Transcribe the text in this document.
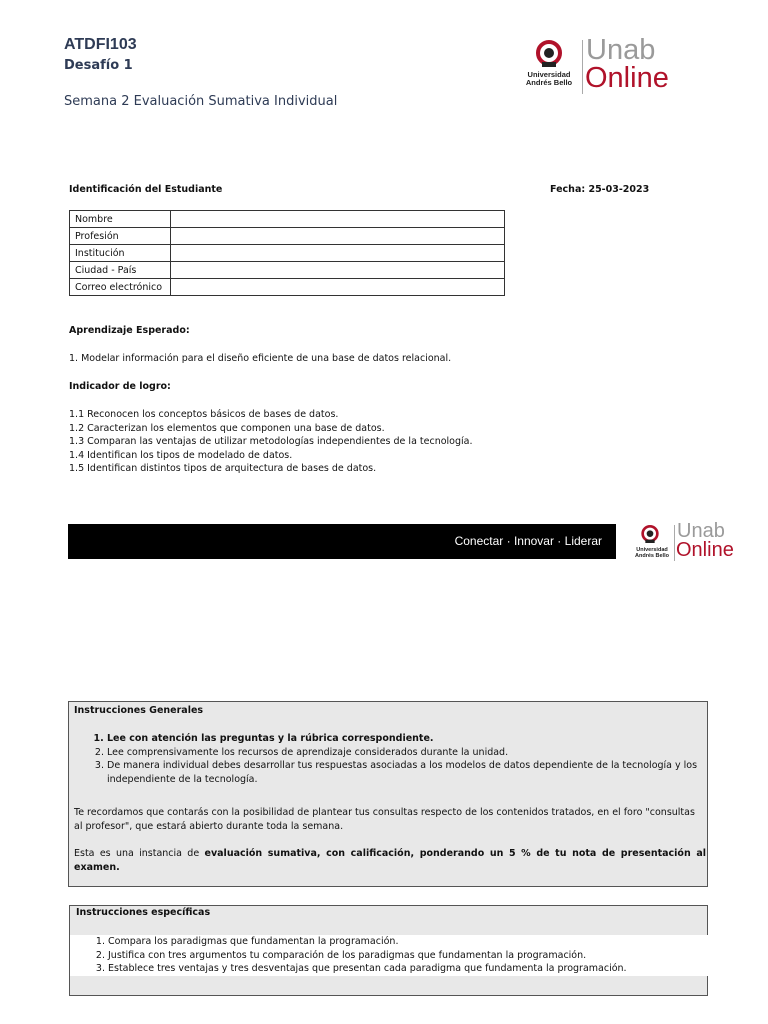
ATDFI103
Desafío 1
Semana 2 Evaluación Sumativa Individual
Universidad Andrés Bello
Unab
Online
Identificación del Estudiante	Fecha: 25-03-2023
Nombre	
Profesión	
Institución	
Ciudad - País	
Correo electrónico	
Aprendizaje Esperado:
1. Modelar información para el diseño eficiente de una base de datos relacional.
Indicador de logro:
1.1 Reconocen los conceptos básicos de bases de datos.
1.2 Caracterizan los elementos que componen una base de datos.
1.3 Comparan las ventajas de utilizar metodologías independientes de la tecnología.
1.4 Identifican los tipos de modelado de datos.
1.5 Identifican distintos tipos de arquitectura de bases de datos.
Conectar · Innovar · Liderar
Universidad Andrés Bello
Unab
Online
Instrucciones Generales
1. Lee con atención las preguntas y la rúbrica correspondiente.
2. Lee comprensivamente los recursos de aprendizaje considerados durante la unidad.
3. De manera individual debes desarrollar tus respuestas asociadas a los modelos de datos dependiente de la tecnología y los independiente de la tecnología.
Te recordamos que contarás con la posibilidad de plantear tus consultas respecto de los contenidos tratados, en el foro "consultas al profesor", que estará abierto durante toda la semana.
Esta es una instancia de evaluación sumativa, con calificación, ponderando un 5 % de tu nota de presentación al examen.
Instrucciones específicas
1. Compara los paradigmas que fundamentan la programación.
2. Justifica con tres argumentos tu comparación de los paradigmas que fundamentan la programación.
3. Establece tres ventajas y tres desventajas que presentan cada paradigma que fundamenta la programación.
